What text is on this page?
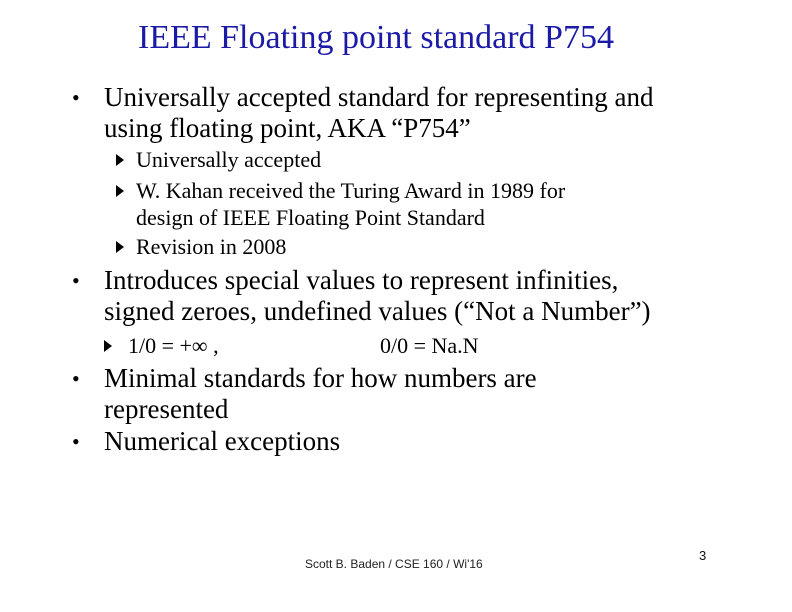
IEEE Floating point standard P754
• Universally accepted standard for representing and
using floating point, AKA “P754”
Universally accepted
W. Kahan received the Turing Award in 1989 for
design of IEEE Floating Point Standard
Revision in 2008
• Introduces special values to represent infinities,
signed zeroes, undefined values (“Not a Number”)
1/0 = +∞ ,	0/0 = Na.N
• Minimal standards for how numbers are
represented
• Numerical exceptions
Scott B. Baden / CSE 160 / Wi'16
3
